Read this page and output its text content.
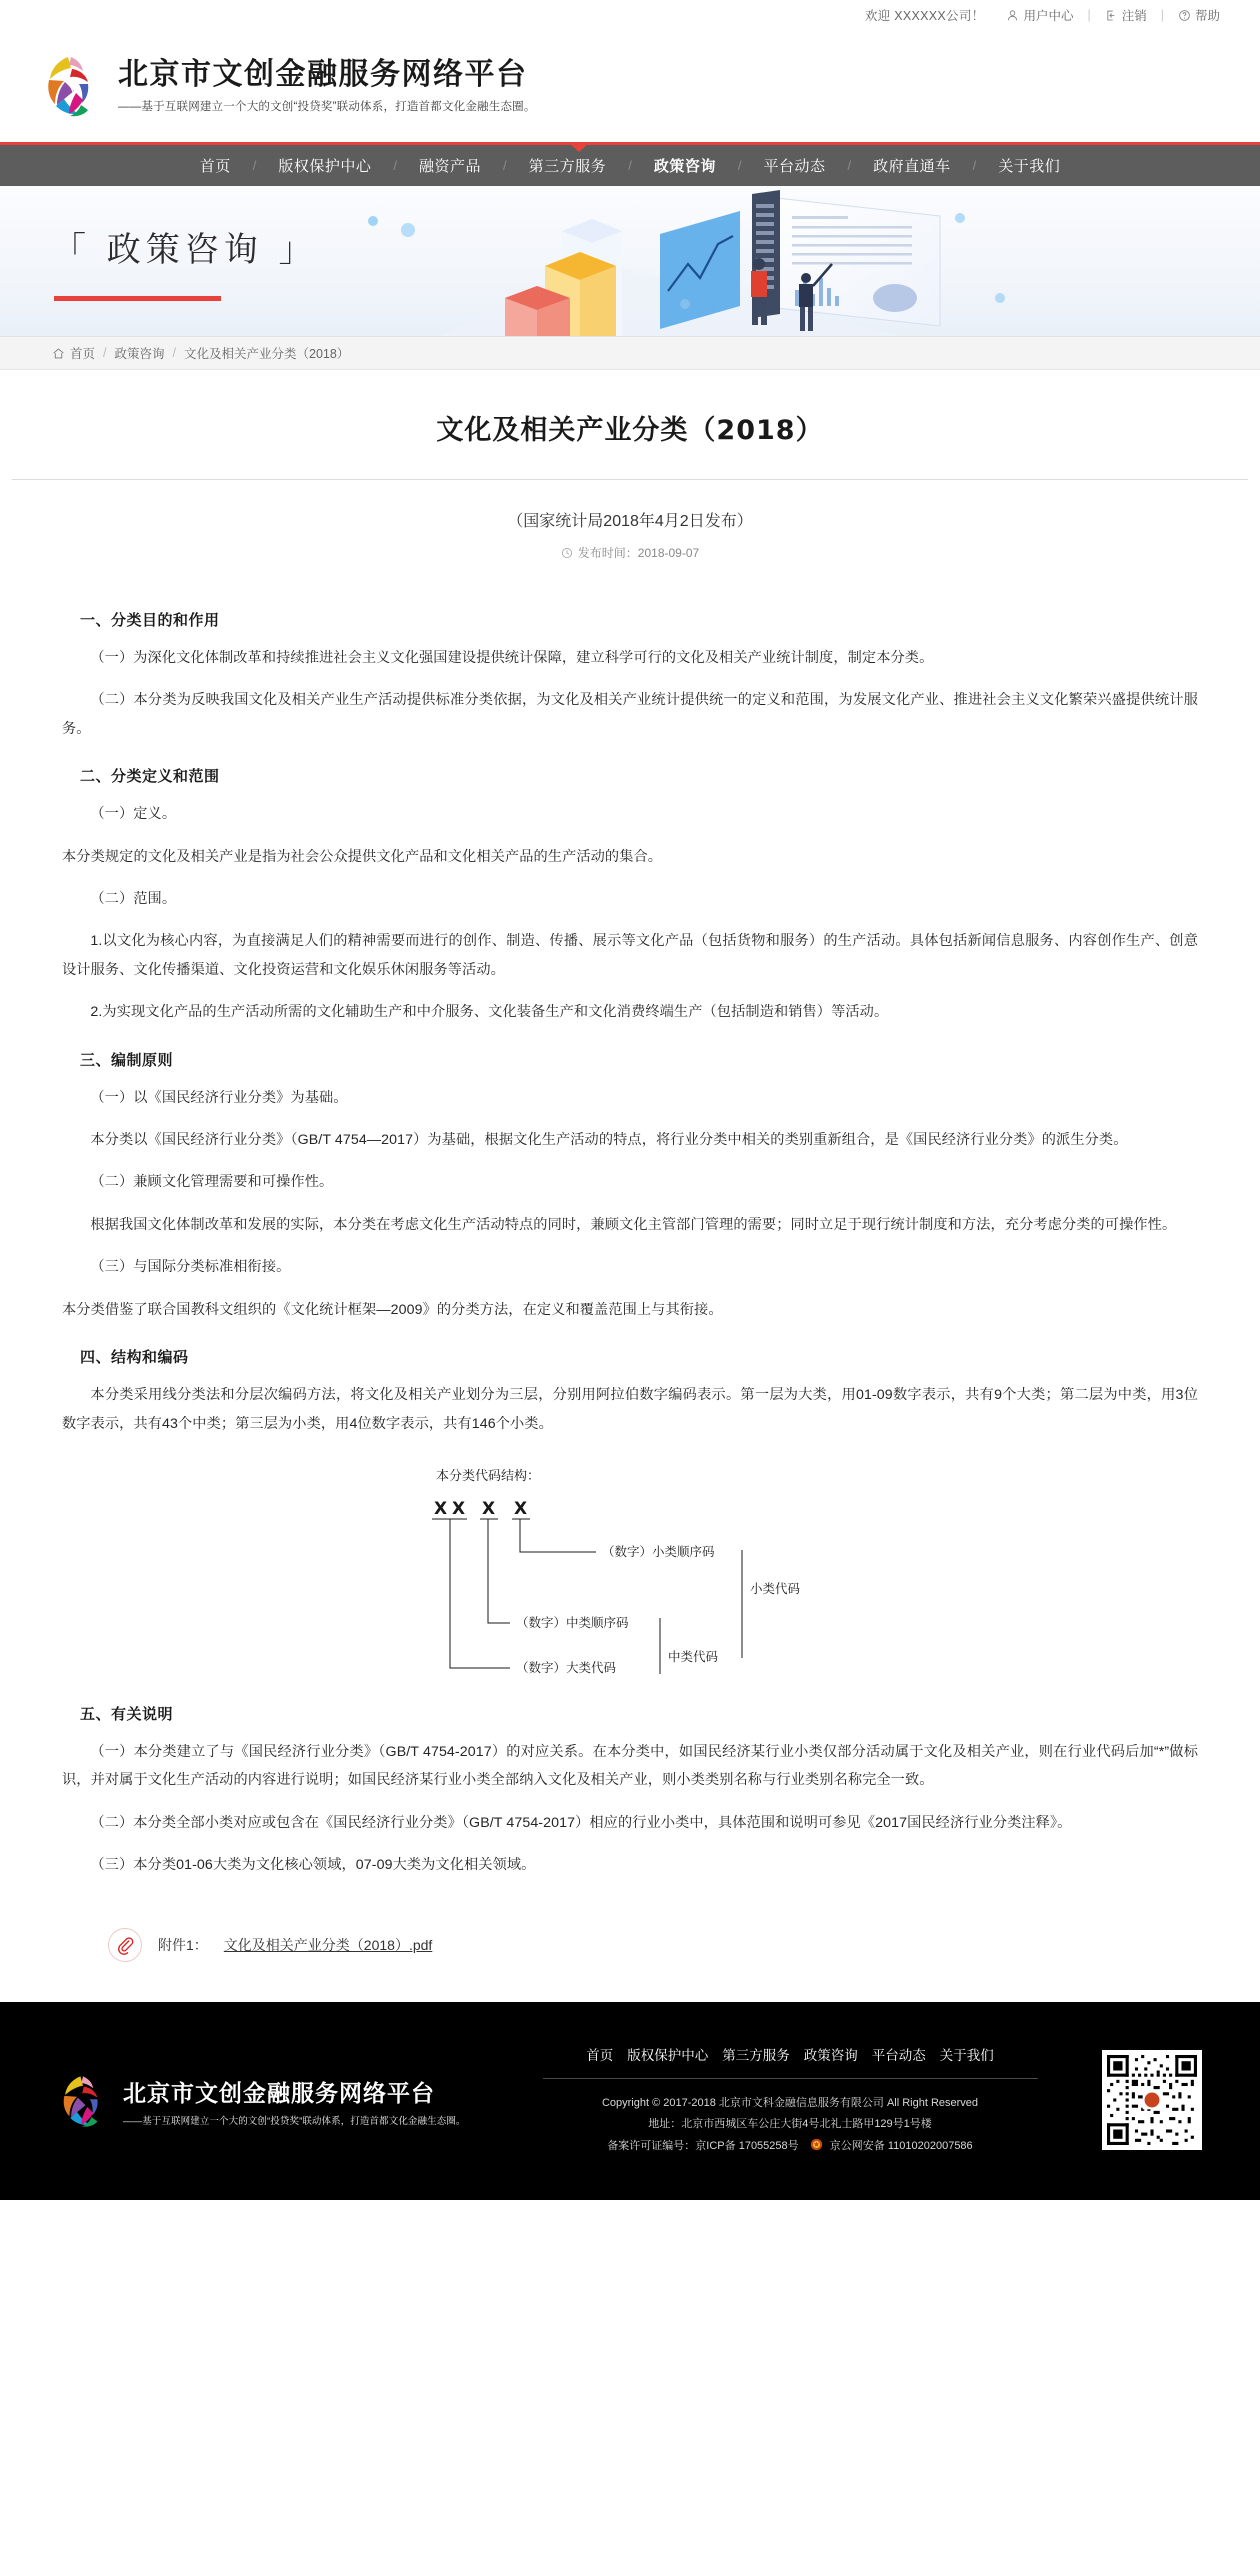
欢迎 XXXXXX公司！	用户中心 | 注销 | 帮助
北京市文创金融服务网络平台
——基于互联网建立一个大的文创“投贷奖”联动体系，打造首都文化金融生态圈。
首页	/	版权保护中心	/	融资产品	/	第三方服务	/	政策咨询	/	平台动态	/	政府直通车	/	关于我们
「 政策咨询 」
首页 / 政策咨询 / 文化及相关产业分类（2018）
文化及相关产业分类（2018）
（国家统计局2018年4月2日发布）
发布时间：2018-09-07
一、分类目的和作用

（一）为深化文化体制改革和持续推进社会主义文化强国建设提供统计保障，建立科学可行的文化及相关产业统计制度，制定本分类。

（二）本分类为反映我国文化及相关产业生产活动提供标准分类依据，为文化及相关产业统计提供统一的定义和范围，为发展文化产业、推进社会主义文化繁荣兴盛提供统计服务。

二、分类定义和范围

（一）定义。

本分类规定的文化及相关产业是指为社会公众提供文化产品和文化相关产品的生产活动的集合。

（二）范围。

1.以文化为核心内容，为直接满足人们的精神需要而进行的创作、制造、传播、展示等文化产品（包括货物和服务）的生产活动。具体包括新闻信息服务、内容创作生产、创意设计服务、文化传播渠道、文化投资运营和文化娱乐休闲服务等活动。

2.为实现文化产品的生产活动所需的文化辅助生产和中介服务、文化装备生产和文化消费终端生产（包括制造和销售）等活动。

三、编制原则

（一）以《国民经济行业分类》为基础。

本分类以《国民经济行业分类》（GB/T 4754—2017）为基础，根据文化生产活动的特点，将行业分类中相关的类别重新组合，是《国民经济行业分类》的派生分类。

（二）兼顾文化管理需要和可操作性。

根据我国文化体制改革和发展的实际，本分类在考虑文化生产活动特点的同时，兼顾文化主管部门管理的需要；同时立足于现行统计制度和方法，充分考虑分类的可操作性。

（三）与国际分类标准相衔接。

本分类借鉴了联合国教科文组织的《文化统计框架—2009》的分类方法，在定义和覆盖范围上与其衔接。

四、结构和编码

本分类采用线分类法和分层次编码方法，将文化及相关产业划分为三层，分别用阿拉伯数字编码表示。第一层为大类，用01-09数字表示，共有9个大类；第二层为中类，用3位数字表示，共有43个中类；第三层为小类，用4位数字表示，共有146个小类。

本分类代码结构：
X X X X
（数字）小类顺序码
（数字）中类顺序码
（数字）大类代码
小类代码
中类代码
五、有关说明

（一）本分类建立了与《国民经济行业分类》（GB/T 4754-2017）的对应关系。在本分类中，如国民经济某行业小类仅部分活动属于文化及相关产业，则在行业代码后加“*”做标识，并对属于文化生产活动的内容进行说明；如国民经济某行业小类全部纳入文化及相关产业，则小类类别名称与行业类别名称完全一致。

（二）本分类全部小类对应或包含在《国民经济行业分类》（GB/T 4754-2017）相应的行业小类中，具体范围和说明可参见《2017国民经济行业分类注释》。

（三）本分类01-06大类为文化核心领域，07-09大类为文化相关领域。

附件1： 文化及相关产业分类（2018）.pdf
北京市文创金融服务网络平台
——基于互联网建立一个大的文创“投贷奖”联动体系，打造首都文化金融生态圈。
首页 版权保护中心 第三方服务 政策咨询 平台动态 关于我们
Copyright © 2017-2018 北京市文科金融信息服务有限公司 All Right Reserved
地址：北京市西城区车公庄大街4号北礼士路甲129号1号楼
备案许可证编号：京ICP备 17055258号	京公网安备 11010202007586
